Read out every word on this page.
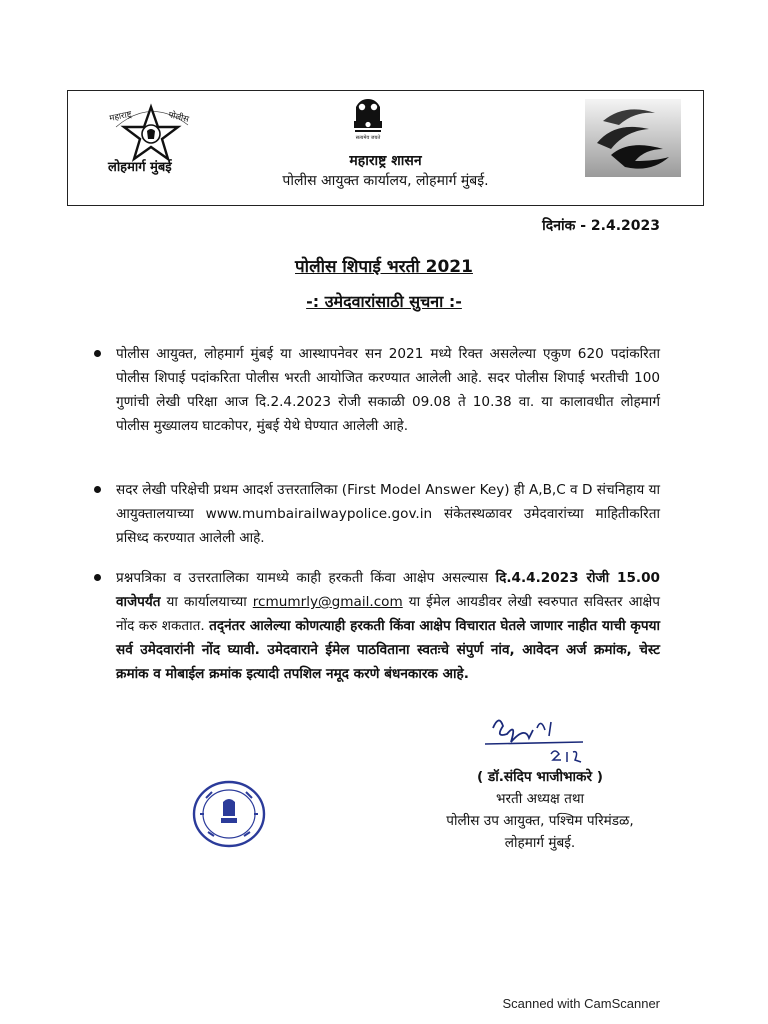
महाराष्ट्र	पोलीस
लोहमार्ग मुंबई
सत्यमेव जयते
महाराष्ट्र शासन
पोलीस आयुक्त कार्यालय, लोहमार्ग मुंबई.
दिनांक - 2.4.2023
पोलीस शिपाई भरती 2021
-: उमेदवारांसाठी सुचना :-
पोलीस आयुक्त, लोहमार्ग मुंबई या आस्थापनेवर सन 2021 मध्ये रिक्त असलेल्या एकुण 620 पदांकरिता पोलीस शिपाई पदांकरिता पोलीस भरती आयोजित करण्यात आलेली आहे. सदर पोलीस शिपाई भरतीची 100 गुणांची लेखी परिक्षा आज दि.2.4.2023 रोजी सकाळी 09.08 ते 10.38 वा. या कालावधीत लोहमार्ग पोलीस मुख्यालय घाटकोपर, मुंबई येथे घेण्यात आलेली आहे.
सदर लेखी परिक्षेची प्रथम आदर्श उत्तरतालिका (First Model Answer Key) ही A,B,C व D संचनिहाय या आयुक्तालयाच्या www.mumbairailwaypolice.gov.in संकेतस्थळावर उमेदवारांच्या माहितीकरिता प्रसिध्द करण्यात आलेली आहे.
प्रश्नपत्रिका व उत्तरतालिका यामध्ये काही हरकती किंवा आक्षेप असल्यास दि.4.4.2023 रोजी 15.00 वाजेपर्यंत या कार्यालयाच्या rcmumrly@gmail.com या ईमेल आयडीवर लेखी स्वरुपात सविस्तर आक्षेप नोंद करु शकतात. तद्नंतर आलेल्या कोणत्याही हरकती किंवा आक्षेप विचारात घेतले जाणार नाहीत याची कृपया सर्व उमेदवारांनी नोंद घ्यावी. उमेदवाराने ईमेल पाठविताना स्वतःचे संपुर्ण नांव, आवेदन अर्ज क्रमांक, चेस्ट क्रमांक व मोबाईल क्रमांक इत्यादी तपशिल नमूद करणे बंधनकारक आहे.
( डॉ.संदिप भाजीभाकरे )
भरती अध्यक्ष तथा
पोलीस उप आयुक्त, पश्चिम परिमंडळ,
लोहमार्ग मुंबई.
Scanned with CamScanner
